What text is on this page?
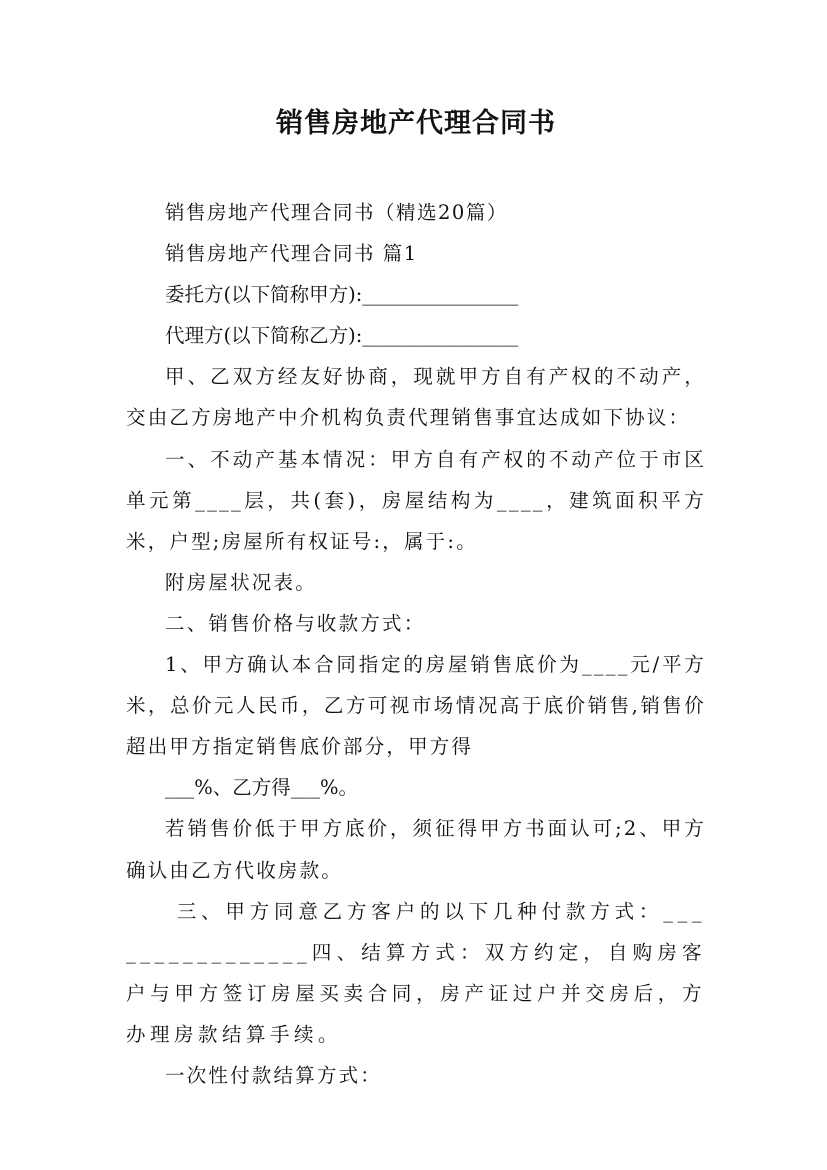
销售房地产代理合同书

销售房地产代理合同书（精选20篇）

销售房地产代理合同书 篇1

委托方(以下简称甲方):________________

代理方(以下简称乙方):________________

甲、乙双方经友好协商，现就甲方自有产权的不动产，交由乙方房地产中介机构负责代理销售事宜达成如下协议：

一、不动产基本情况：甲方自有产权的不动产位于市区单元第____层，共(套)，房屋结构为____，建筑面积平方米，户型;房屋所有权证号:，属于:。

附房屋状况表。

二、销售价格与收款方式：

1、甲方确认本合同指定的房屋销售底价为____元/平方米，总价元人民币，乙方可视市场情况高于底价销售,销售价超出甲方指定销售底价部分，甲方得

___%、乙方得___%。

若销售价低于甲方底价，须征得甲方书面认可;2、甲方确认由乙方代收房款。

三、甲方同意乙方客户的以下几种付款方式：________________四、结算方式：双方约定，自购房客户与甲方签订房屋买卖合同，房产证过户并交房后，方办理房款结算手续。

一次性付款结算方式：
